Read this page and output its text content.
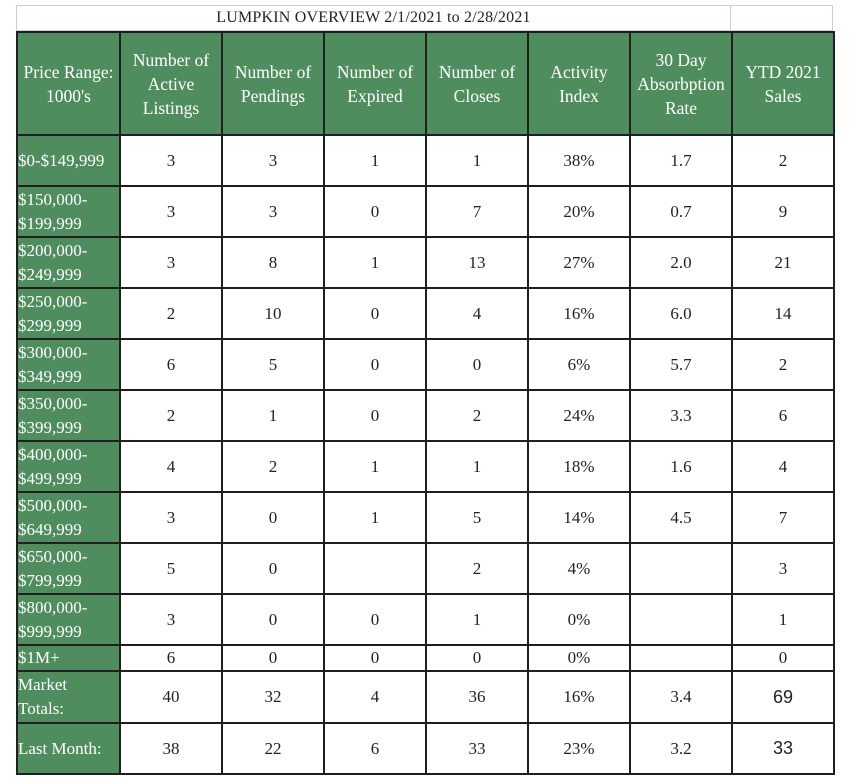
LUMPKIN OVERVIEW 2/1/2021 to 2/28/2021
Price Range:
1000's	Number of
Active
Listings	Number of
Pendings	Number of
Expired	Number of
Closes	Activity
Index	30 Day
Absorbption
Rate	YTD 2021
Sales

$0-$149,999	3	3	1	1	38%	1.7	2

$150,000-
$199,999	3	3	0	7	20%	0.7	9

$200,000-
$249,999	3	8	1	13	27%	2.0	21

$250,000-
$299,999	2	10	0	4	16%	6.0	14

$300,000-
$349,999	6	5	0	0	6%	5.7	2

$350,000-
$399,999	2	1	0	2	24%	3.3	6

$400,000-
$499,999	4	2	1	1	18%	1.6	4

$500,000-
$649,999	3	0	1	5	14%	4.5	7

$650,000-
$799,999	5	0		2	4%		3

$800,000-
$999,999	3	0	0	1	0%		1

$1M+	6	0	0	0	0%		0

Market
Totals:	40	32	4	36	16%	3.4	69

Last Month:	38	22	6	33	23%	3.2	33
